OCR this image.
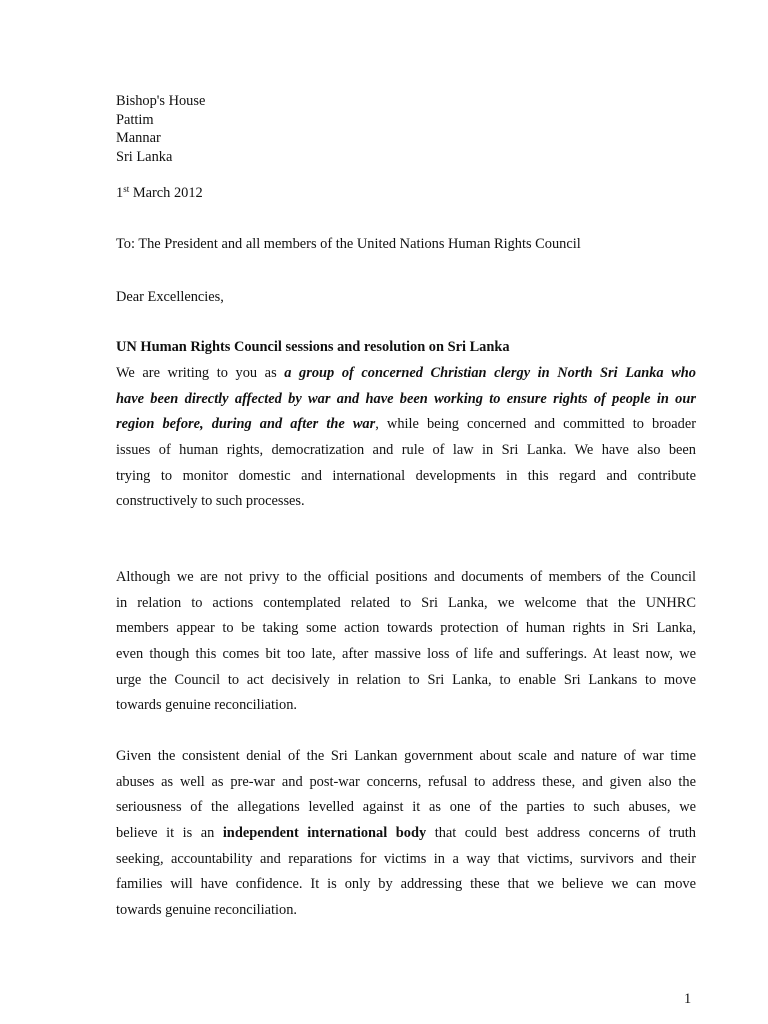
Bishop's House
Pattim
Mannar
Sri Lanka
1st March 2012
To: The President and all members of the United Nations Human Rights Council
Dear Excellencies,
UN Human Rights Council sessions and resolution on Sri Lanka
We are writing to you as a group of concerned Christian clergy in North Sri Lanka who
have been directly affected by war and have been working to ensure rights of people in our
region before, during and after the war, while being concerned and committed to broader
issues of human rights, democratization and rule of law in Sri Lanka. We have also been
trying to monitor domestic and international developments in this regard and contribute
constructively to such processes.
Although we are not privy to the official positions and documents of members of the Council
in relation to actions contemplated related to Sri Lanka, we welcome that the UNHRC
members appear to be taking some action towards protection of human rights in Sri Lanka,
even though this comes bit too late, after massive loss of life and sufferings. At least now, we
urge the Council to act decisively in relation to Sri Lanka, to enable Sri Lankans to move
towards genuine reconciliation.
Given the consistent denial of the Sri Lankan government about scale and nature of war time
abuses as well as pre-war and post-war concerns, refusal to address these, and given also the
seriousness of the allegations levelled against it as one of the parties to such abuses, we
believe it is an independent international body that could best address concerns of truth
seeking, accountability and reparations for victims in a way that victims, survivors and their
families will have confidence. It is only by addressing these that we believe we can move
towards genuine reconciliation.
1
